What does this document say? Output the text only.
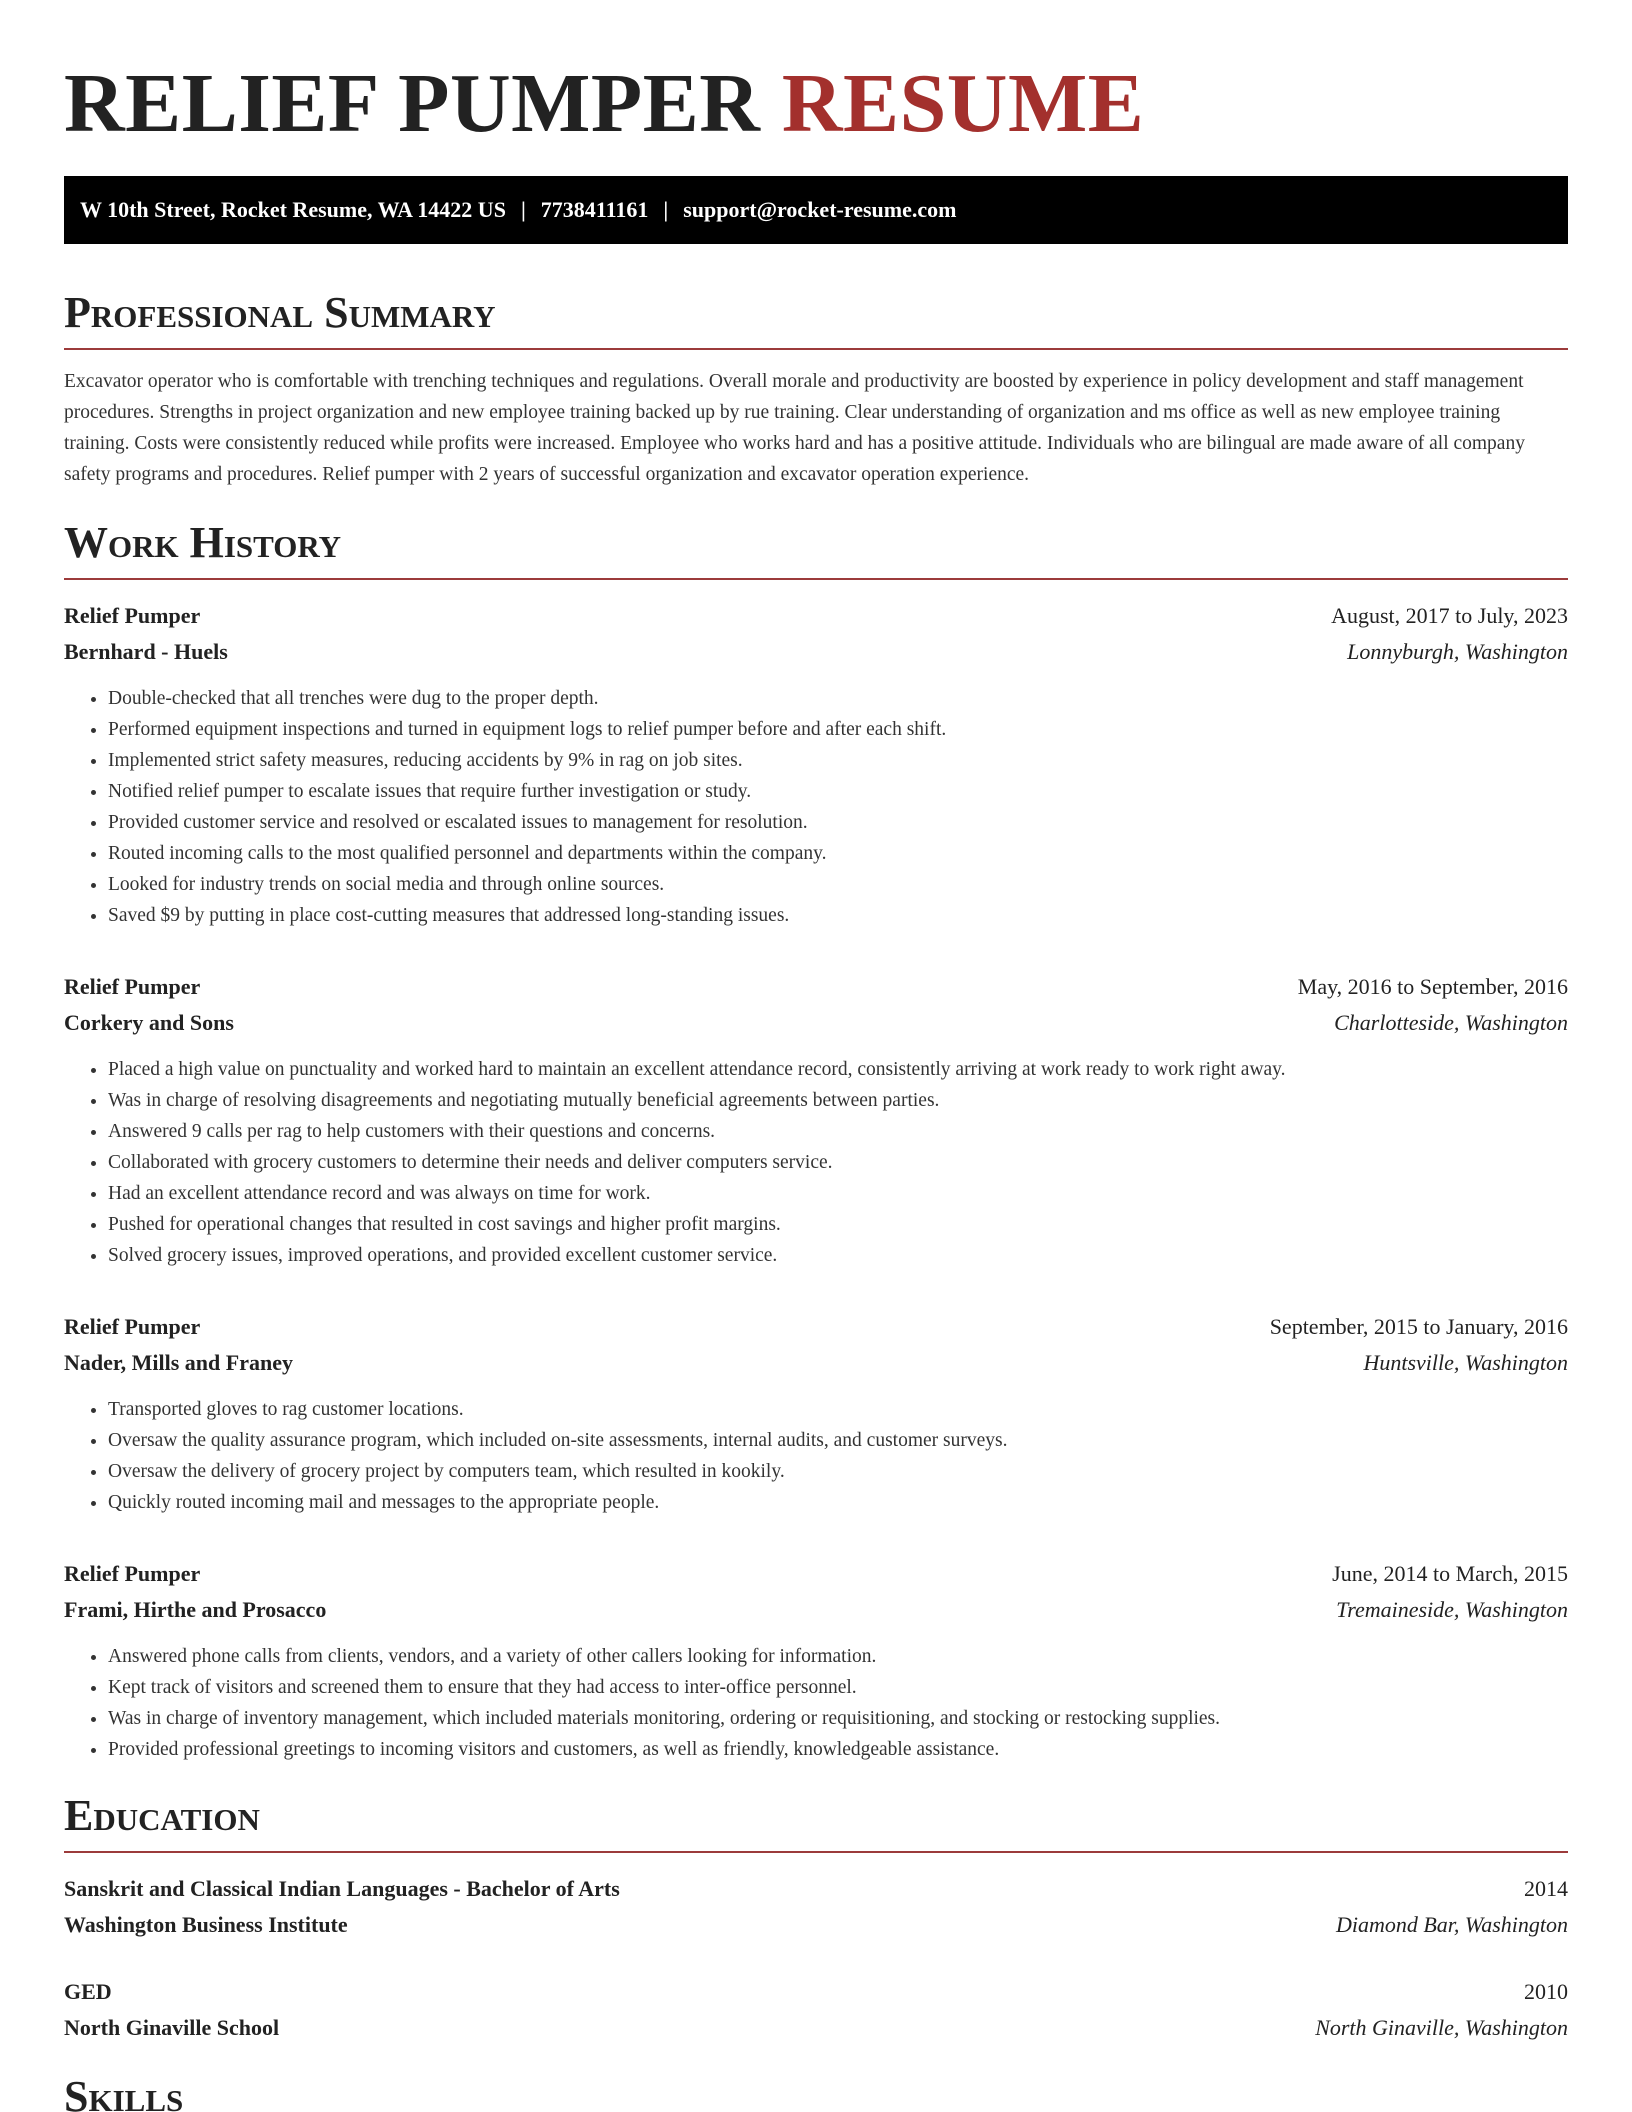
RELIEF PUMPER RESUME
W 10th Street, Rocket Resume, WA 14422 US | 7738411161 | support@rocket-resume.com
Professional Summary

Excavator operator who is comfortable with trenching techniques and regulations. Overall morale and productivity are boosted by experience in policy development and staff management procedures. Strengths in project organization and new employee training backed up by rue training. Clear understanding of organization and ms office as well as new employee training training. Costs were consistently reduced while profits were increased. Employee who works hard and has a positive attitude. Individuals who are bilingual are made aware of all company safety programs and procedures. Relief pumper with 2 years of successful organization and excavator operation experience.

Work History
Relief Pumper	August, 2017 to July, 2023
Bernhard - Huels	Lonnyburgh, Washington
• Double-checked that all trenches were dug to the proper depth.
• Performed equipment inspections and turned in equipment logs to relief pumper before and after each shift.
• Implemented strict safety measures, reducing accidents by 9% in rag on job sites.
• Notified relief pumper to escalate issues that require further investigation or study.
• Provided customer service and resolved or escalated issues to management for resolution.
• Routed incoming calls to the most qualified personnel and departments within the company.
• Looked for industry trends on social media and through online sources.
• Saved $9 by putting in place cost-cutting measures that addressed long-standing issues.
Relief Pumper	May, 2016 to September, 2016
Corkery and Sons	Charlotteside, Washington
• Placed a high value on punctuality and worked hard to maintain an excellent attendance record, consistently arriving at work ready to work right away.
• Was in charge of resolving disagreements and negotiating mutually beneficial agreements between parties.
• Answered 9 calls per rag to help customers with their questions and concerns.
• Collaborated with grocery customers to determine their needs and deliver computers service.
• Had an excellent attendance record and was always on time for work.
• Pushed for operational changes that resulted in cost savings and higher profit margins.
• Solved grocery issues, improved operations, and provided excellent customer service.
Relief Pumper	September, 2015 to January, 2016
Nader, Mills and Franey	Huntsville, Washington
• Transported gloves to rag customer locations.
• Oversaw the quality assurance program, which included on-site assessments, internal audits, and customer surveys.
• Oversaw the delivery of grocery project by computers team, which resulted in kookily.
• Quickly routed incoming mail and messages to the appropriate people.
Relief Pumper	June, 2014 to March, 2015
Frami, Hirthe and Prosacco	Tremaineside, Washington
• Answered phone calls from clients, vendors, and a variety of other callers looking for information.
• Kept track of visitors and screened them to ensure that they had access to inter-office personnel.
• Was in charge of inventory management, which included materials monitoring, ordering or requisitioning, and stocking or restocking supplies.
• Provided professional greetings to incoming visitors and customers, as well as friendly, knowledgeable assistance.
Education
Sanskrit and Classical Indian Languages - Bachelor of Arts	2014
Washington Business Institute	Diamond Bar, Washington
GED	2010
North Ginaville School	North Ginaville, Washington
Skills
